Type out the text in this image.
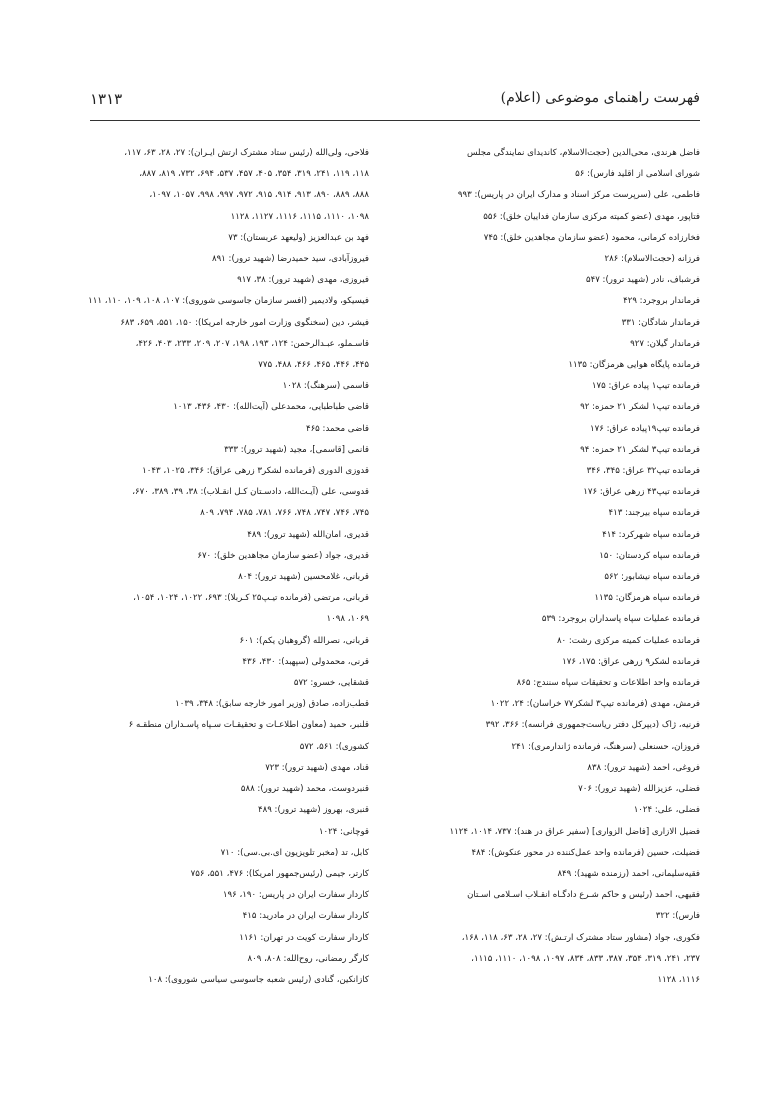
فهرست راهنمای موضوعی (اعلام)
۱۳۱۳
فاضل هرندی، محی‌الدین (حجت‌الاسلام، کاندیدای نمایندگی مجلس
شورای اسلامی از اقلید فارس): ۵۶
فاطمی، علی (سرپرست مرکز اسناد و مدارک ایران در پاریس): ۹۹۳
فتاپور، مهدی (عضو کمیته مرکزی سازمان فداییان خلق): ۵۵۶
فخارزاده کرمانی، محمود (عضو سازمان مجاهدین خلق): ۷۴۵
فرزانه (حجت‌الاسلام): ۲۸۶
فرشباف، نادر (شهید ترور): ۵۴۷
فرماندار بروجرد: ۴۲۹
فرماندار شادگان: ۳۳۱
فرماندار گیلان: ۹۲۷
فرمانده پایگاه هوایی هرمزگان: ۱۱۳۵
فرمانده تیپ۱ پیاده عراق: ۱۷۵
فرمانده تیپ۱ لشکر ۲۱ حمزه: ۹۲
فرمانده تیپ۱۹پیاده عراق: ۱۷۶
فرمانده تیپ۳ لشکر ۲۱ حمزه: ۹۴
فرمانده تیپ۳۲ عراق: ۳۴۵، ۳۴۶
فرمانده تیپ۴۳ زرهی عراق: ۱۷۶
فرمانده سپاه بیرجند: ۴۱۳
فرمانده سپاه شهرکرد: ۴۱۴
فرمانده سپاه کردستان: ۱۵۰
فرمانده سپاه نیشابور: ۵۶۲
فرمانده سپاه هرمزگان: ۱۱۳۵
فرمانده عملیات سپاه پاسداران بروجرد: ۵۳۹
فرمانده عملیات کمیته مرکزی رشت: ۸۰
فرمانده لشکر۹ زرهی عراق: ۱۷۵، ۱۷۶
فرمانده واحد اطلاعات و تحقیقات سپاه سنندج: ۸۶۵
فرمش، مهدی (فرمانده تیپ۳ لشکر۷۷ خراسان): ۲۴، ۱۰۲۲
فرنیه، ژاک (دیپرکل دفتر ریاست‌جمهوری فرانسه): ۳۶۶، ۳۹۲
فروزان، حسنعلی (سرهنگ، فرمانده ژاندارمری): ۲۴۱
فروغی، احمد (شهید ترور): ۸۳۸
فضلی، عزیزالله (شهید ترور): ۷۰۶
فضلی، علی: ۱۰۲۴
فضیل الازاری [فاضل الزواری] (سفیر عراق در هند): ۷۳۷، ۱۰۱۴، ۱۱۲۴
فضیلت، حسین (فرمانده واحد عمل‌کننده در محور عنکوش): ۴۸۴
فقیه‌سلیمانی، احمد (رزمنده شهید): ۸۴۹
فقیهی، احمد (رئیس و حاکم شـرع دادگـاه انقـلاب اسـلامی اسـتان
فارس): ۳۲۲
فکوری، جواد (مشاور ستاد مشترک ارتـش): ۲۷، ۲۸، ۶۳، ۱۱۸، ۱۶۸،
۲۳۷، ۲۴۱، ۳۱۹، ۳۵۴، ۳۸۷، ۸۳۳، ۸۳۴، ۱۰۹۷، ۱۰۹۸، ۱۱۱۰، ۱۱۱۵،
۱۱۱۶، ۱۱۲۸
فلاحی، ولی‌الله (رئیس ستاد مشترک ارتش ایـران): ۲۷، ۲۸، ۶۳، ۱۱۷،
۱۱۸، ۱۱۹، ۲۴۱، ۳۱۹، ۳۵۴، ۴۰۵، ۴۵۷، ۵۳۷، ۶۹۴، ۷۳۲، ۸۱۹، ۸۸۷،
۸۸۸، ۸۸۹، ۸۹۰، ۹۱۳، ۹۱۴، ۹۱۵، ۹۷۲، ۹۹۷، ۹۹۸، ۱۰۵۷، ۱۰۹۷،
۱۰۹۸، ۱۱۱۰، ۱۱۱۵، ۱۱۱۶، ۱۱۲۷، ۱۱۲۸
فهد بن عبدالعزیز (ولیعهد عربستان): ۷۳
فیروزآبادی، سید حمیدرضا (شهید ترور): ۸۹۱
فیروزی، مهدی (شهید ترور): ۳۸، ۹۱۷
فیسیکو، ولادیمیر (افسر سازمان جاسوسی شوروی): ۱۰۷، ۱۰۸، ۱۰۹، ۱۱۰، ۱۱۱
فیشر، دین (سخنگوی وزارت امور خارجه امریکا): ۱۵۰، ۵۵۱، ۶۵۹، ۶۸۳
قاسـملو، عبـدالرحمن: ۱۲۴، ۱۹۳، ۱۹۸، ۲۰۷، ۲۰۹، ۲۳۳، ۴۰۳، ۴۲۶،
۴۴۵، ۴۴۶، ۴۶۵، ۴۶۶، ۴۸۸، ۷۷۵
قاسمی (سرهنگ): ۱۰۲۸
قاضی طباطبایی، محمدعلی (آیت‌الله): ۴۳۰، ۴۳۶، ۱۰۱۳
قاضی محمد: ۴۶۵
قانمی [قاسمی]، مجید (شهید ترور): ۳۳۳
قدوزی الدوری (فرمانده لشکر۳ زرهی عراق): ۳۴۶، ۱۰۲۵، ۱۰۴۳
قدوسی، علی (آیـت‌الله، دادسـتان کـل انقـلاب): ۳۸، ۳۹، ۳۸۹، ۶۷۰،
۷۴۵، ۷۴۶، ۷۴۷، ۷۴۸، ۷۶۶، ۷۸۱، ۷۸۵، ۷۹۴، ۸۰۹
قدیری، امان‌الله (شهید ترور): ۴۸۹
قدیری، جواد (عضو سازمان مجاهدین خلق): ۶۷۰
قربانی، غلامحسین (شهید ترور): ۸۰۴
قربانی، مرتضی (فرمانده تیـپ۲۵ کـربلا): ۶۹۳، ۱۰۲۲، ۱۰۲۴، ۱۰۵۴،
۱۰۶۹، ۱۰۹۸
قربانی، نصرالله (گروهبان یکم): ۶۰۱
قرنی، محمدولی (سپهبد): ۴۳۰، ۴۳۶
قشقایی، خسرو: ۵۷۲
قطب‌زاده، صادق (وزیر امور خارجه سابق): ۳۴۸، ۱۰۳۹
قلنبر، حمید (معاون اطلاعـات و تحقیقـات سـپاه پاسـداران منطقـه ۶
کشوری): ۵۶۱، ۵۷۲
قناد، مهدی (شهید ترور): ۷۲۳
قنبردوست، محمد (شهید ترور): ۵۸۸
قنبری، بهروز (شهید ترور): ۴۸۹
قوچانی: ۱۰۲۴
کابل، تد (مخبر تلویزیون ای.بی.سی): ۷۱۰
کارتر، جیمی (رئیس‌جمهور امریکا): ۴۷۶، ۵۵۱، ۷۵۶
کاردار سفارت ایران در پاریس: ۱۹۰، ۱۹۶
کاردار سفارت ایران در مادرید: ۴۱۵
کاردار سفارت کویت در تهران: ۱۱۶۱
کارگر رمضانی، روح‌الله: ۸۰۸، ۸۰۹
کازانکین، گنادی (رئیس شعبه جاسوسی سیاسی شوروی): ۱۰۸
